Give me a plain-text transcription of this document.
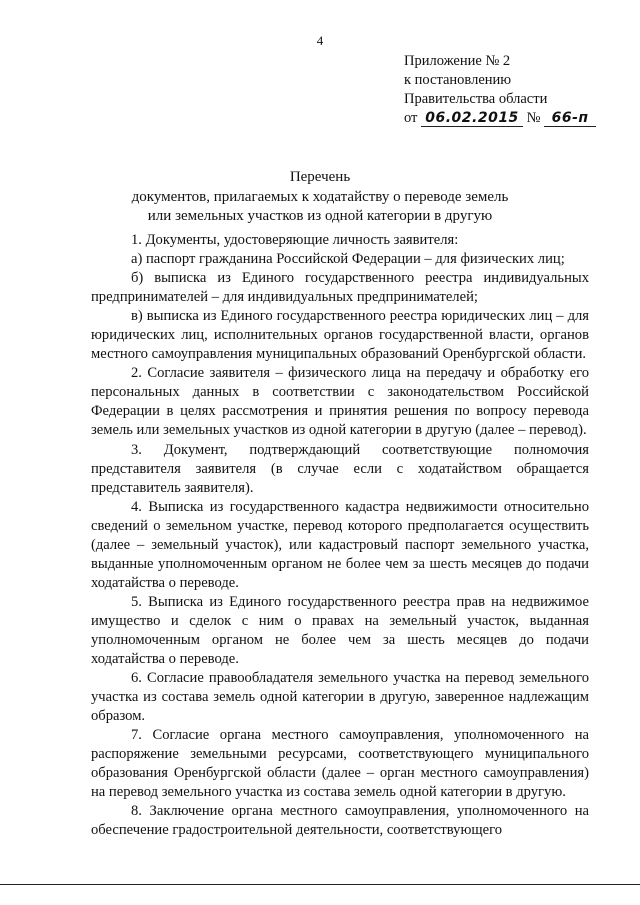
4
Приложение № 2
к постановлению
Правительства области
от 06.02.2015 № 66-п
Перечень
документов, прилагаемых к ходатайству о переводе земель
или земельных участков из одной категории в другую

1. Документы, удостоверяющие личность заявителя:

а) паспорт гражданина Российской Федерации – для физических лиц;

б) выписка из Единого государственного реестра индивидуальных предпринимателей – для индивидуальных предпринимателей;

в) выписка из Единого государственного реестра юридических лиц – для юридических лиц, исполнительных органов государственной власти, органов местного самоуправления муниципальных образований Оренбургской области.

2. Согласие заявителя – физического лица на передачу и обработку его персональных данных в соответствии с законодательством Российской Федерации в целях рассмотрения и принятия решения по вопросу перевода земель или земельных участков из одной категории в другую (далее – перевод).

3. Документ, подтверждающий соответствующие полномочия представителя заявителя (в случае если с ходатайством обращается представитель заявителя).

4. Выписка из государственного кадастра недвижимости относительно сведений о земельном участке, перевод которого предполагается осуществить (далее – земельный участок), или кадастровый паспорт земельного участка, выданные уполномоченным органом не более чем за шесть месяцев до подачи ходатайства о переводе.

5. Выписка из Единого государственного реестра прав на недвижимое имущество и сделок с ним о правах на земельный участок, выданная уполномоченным органом не более чем за шесть месяцев до подачи ходатайства о переводе.

6. Согласие правообладателя земельного участка на перевод земельного участка из состава земель одной категории в другую, заверенное надлежащим образом.

7. Согласие органа местного самоуправления, уполномоченного на распоряжение земельными ресурсами, соответствующего муниципального образования Оренбургской области (далее – орган местного самоуправления) на перевод земельного участка из состава земель одной категории в другую.

8. Заключение органа местного самоуправления, уполномоченного на обеспечение градостроительной деятельности, соответствующего
